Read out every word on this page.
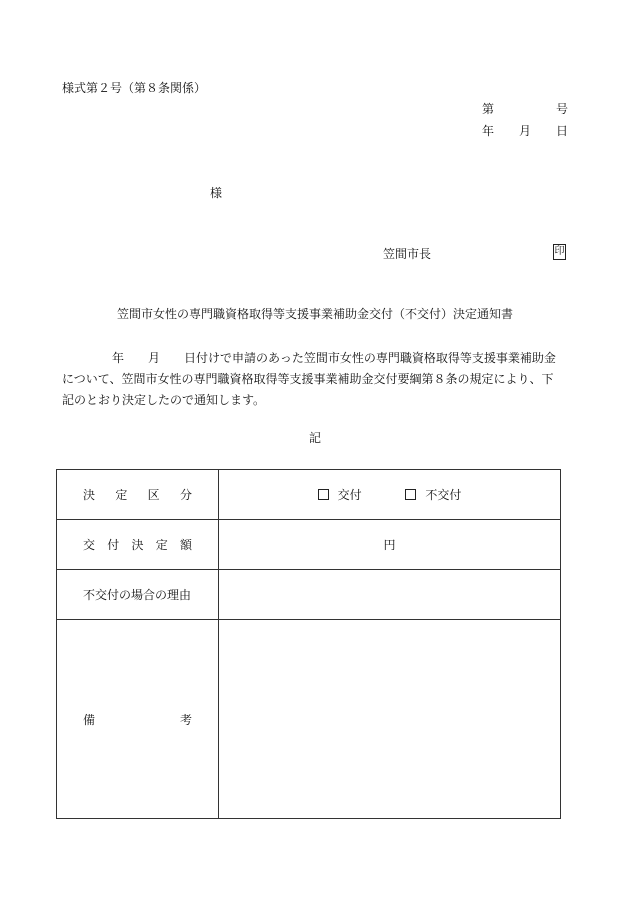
様式第２号（第８条関係）
第	号
年 月 日
様
笠間市長	印
笠間市女性の専門職資格取得等支援事業補助金交付（不交付）決定通知書
年　　月　　日付けで申請のあった笠間市女性の専門職資格取得等支援事業補助金
について、笠間市女性の専門職資格取得等支援事業補助金交付要綱第８条の規定により、下
記のとおり決定したので通知します。
記
決 定 区 分	交付 不交付

交 付 決 定 額	円
不交付の場合の理由	

備 考	
